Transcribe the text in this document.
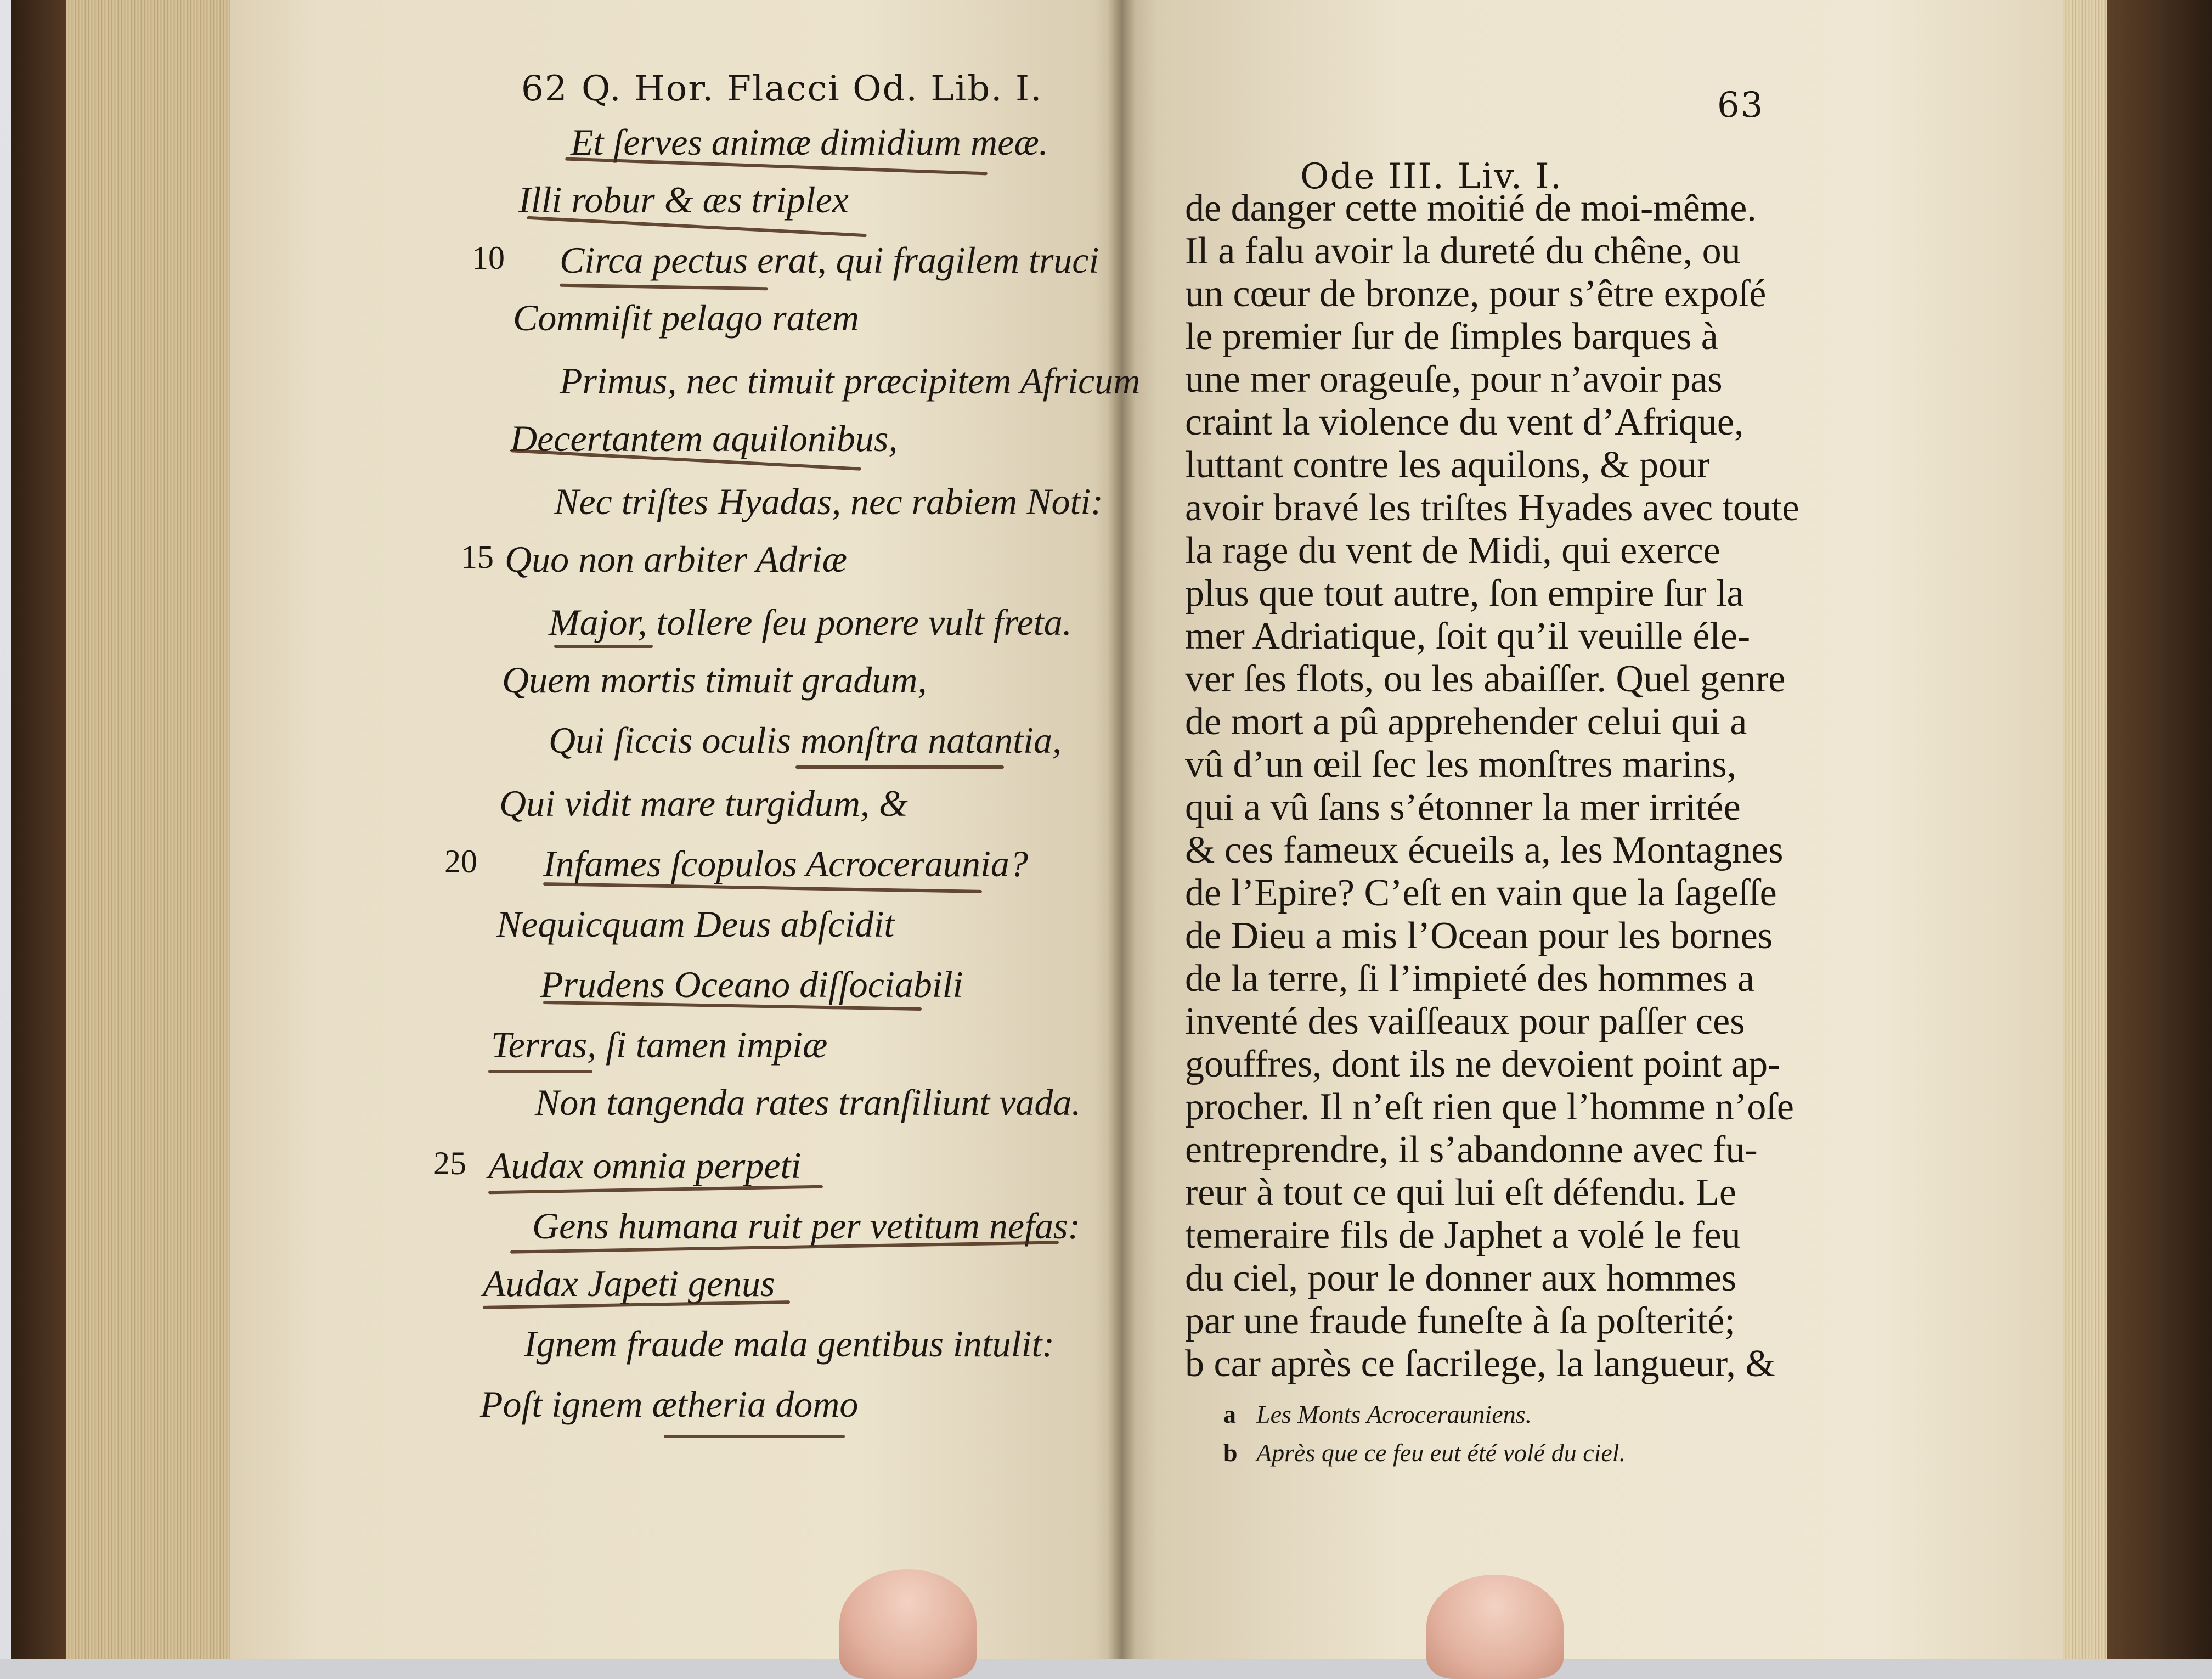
62 Q. Hor. Flacci Od. Lib. I.
Et ſerves animæ dimidium meæ.
Illi robur & æs triplex
10 Circa pectus erat, qui fragilem truci
Commiſit pelago ratem
Primus, nec timuit præcipitem Africum
Decertantem aquilonibus,
Nec triſtes Hyadas, nec rabiem Noti:
15 Quo non arbiter Adriæ
Major, tollere ſeu ponere vult freta.
Quem mortis timuit gradum,
Qui ſiccis oculis monſtra natantia,
Qui vidit mare turgidum, &
20 Infames ſcopulos Acroceraunia?
Nequicquam Deus abſcidit
Prudens Oceano diſſociabili
Terras, ſi tamen impiæ
Non tangenda rates tranſiliunt vada.
25 Audax omnia perpeti
Gens humana ruit per vetitum nefas:
Audax Japeti genus
Ignem fraude mala gentibus intulit:
Poſt ignem ætheria domo
Ode III. Liv. I.
63
de danger cette moitié de moi-même.
Il a falu avoir la dureté du chêne, ou
un cœur de bronze, pour s’être expoſé
le premier ſur de ſimples barques à
une mer orageuſe, pour n’avoir pas
craint la violence du vent d’Afrique,
luttant contre les aquilons, & pour
avoir bravé les triſtes Hyades avec toute
la rage du vent de Midi, qui exerce
plus que tout autre, ſon empire ſur la
mer Adriatique, ſoit qu’il veuille éle-
ver ſes flots, ou les abaiſſer. Quel genre
de mort a pû apprehender celui qui a
vû d’un œil ſec les monſtres marins,
qui a vû ſans s’étonner la mer irritée
& ces fameux écueils a, les Montagnes
de l’Epire? C’eſt en vain que la ſageſſe
de Dieu a mis l’Ocean pour les bornes
de la terre, ſi l’impieté des hommes a
inventé des vaiſſeaux pour paſſer ces
gouffres, dont ils ne devoient point ap-
procher. Il n’eſt rien que l’homme n’oſe
entreprendre, il s’abandonne avec fu-
reur à tout ce qui lui eſt défendu. Le
temeraire fils de Japhet a volé le feu
du ciel, pour le donner aux hommes
par une fraude funeſte à ſa poſterité;
b car après ce ſacrilege, la langueur, &
a Les Monts Acrocerauniens.
b Après que ce feu eut été volé du ciel.
